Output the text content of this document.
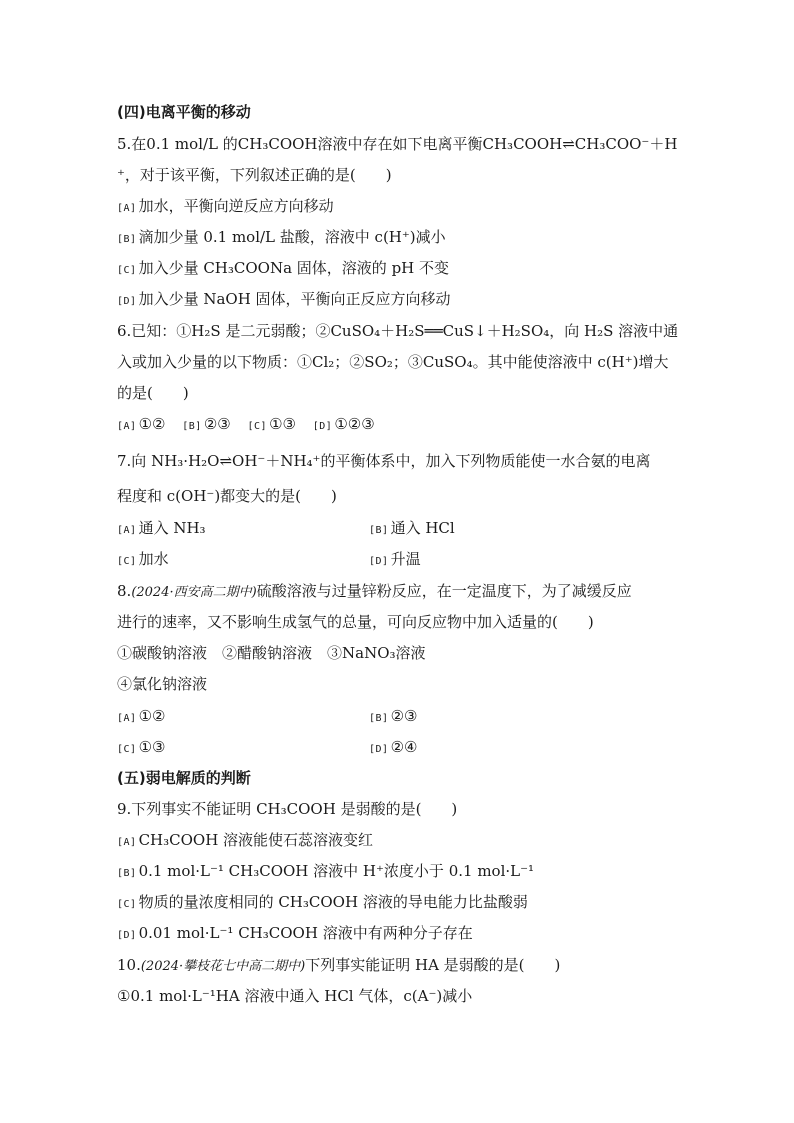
(四)电离平衡的移动
5.在0.1 mol/L 的CH₃COOH溶液中存在如下电离平衡CH₃COOH⇌CH₃COO⁻＋H
⁺，对于该平衡，下列叙述正确的是(　　)
[A] 加水，平衡向逆反应方向移动
[B] 滴加少量 0.1 mol/L 盐酸，溶液中 c(H⁺)减小
[C] 加入少量 CH₃COONa 固体，溶液的 pH 不变
[D] 加入少量 NaOH 固体，平衡向正反应方向移动
6.已知：①H₂S 是二元弱酸；②CuSO₄＋H₂S══CuS↓＋H₂SO₄，向 H₂S 溶液中通
入或加入少量的以下物质：①Cl₂；②SO₂；③CuSO₄。其中能使溶液中 c(H⁺)增大
的是(　　)
[A] ①② [B] ②③ [C] ①③ [D] ①②③
7.向 NH₃·H₂O⇌OH⁻＋NH₄⁺的平衡体系中，加入下列物质能使一水合氨的电离
程度和 c(OH⁻)都变大的是(　　)
[A] 通入 NH₃	[B] 通入 HCl
[C] 加水	[D] 升温
8.(2024·西安高二期中)硫酸溶液与过量锌粉反应，在一定温度下，为了减缓反应
进行的速率，又不影响生成氢气的总量，可向反应物中加入适量的(　　)
①碳酸钠溶液　②醋酸钠溶液　③NaNO₃溶液
④氯化钠溶液
[A] ①②	[B] ②③
[C] ①③	[D] ②④
(五)弱电解质的判断
9.下列事实不能证明 CH₃COOH 是弱酸的是(　　)
[A] CH₃COOH 溶液能使石蕊溶液变红
[B] 0.1 mol·L⁻¹ CH₃COOH 溶液中 H⁺浓度小于 0.1 mol·L⁻¹
[C] 物质的量浓度相同的 CH₃COOH 溶液的导电能力比盐酸弱
[D] 0.01 mol·L⁻¹ CH₃COOH 溶液中有两种分子存在
10.(2024·攀枝花七中高二期中)下列事实能证明 HA 是弱酸的是(　　)
①0.1 mol·L⁻¹HA 溶液中通入 HCl 气体，c(A⁻)减小
